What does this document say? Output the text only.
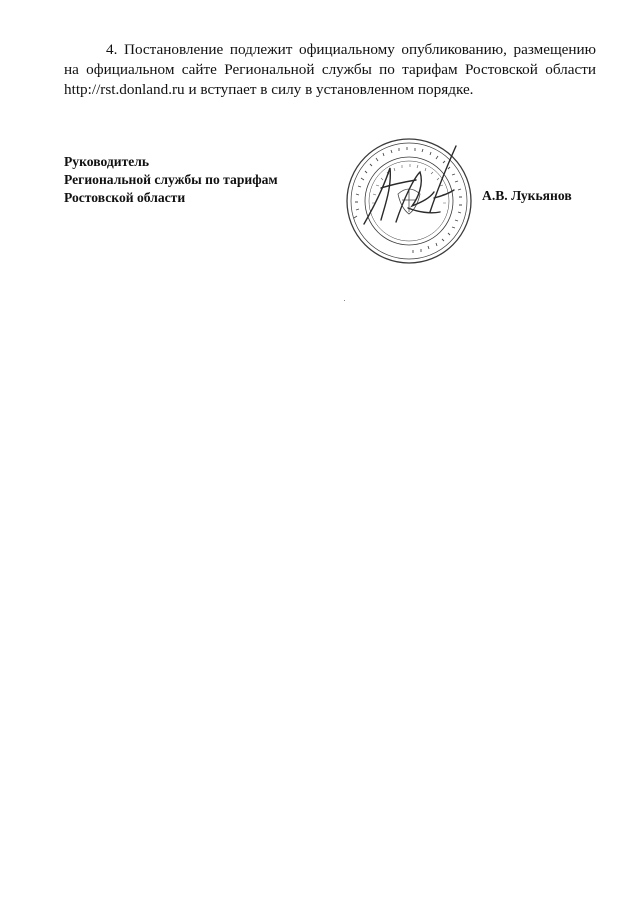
4. Постановление подлежит официальному опубликованию, размещению на официальном сайте Региональной службы по тарифам Ростовской области http://rst.donland.ru и вступает в силу в установленном порядке.

Руководитель
Региональной службы по тарифам
Ростовской области	А.В. Лукьянов
